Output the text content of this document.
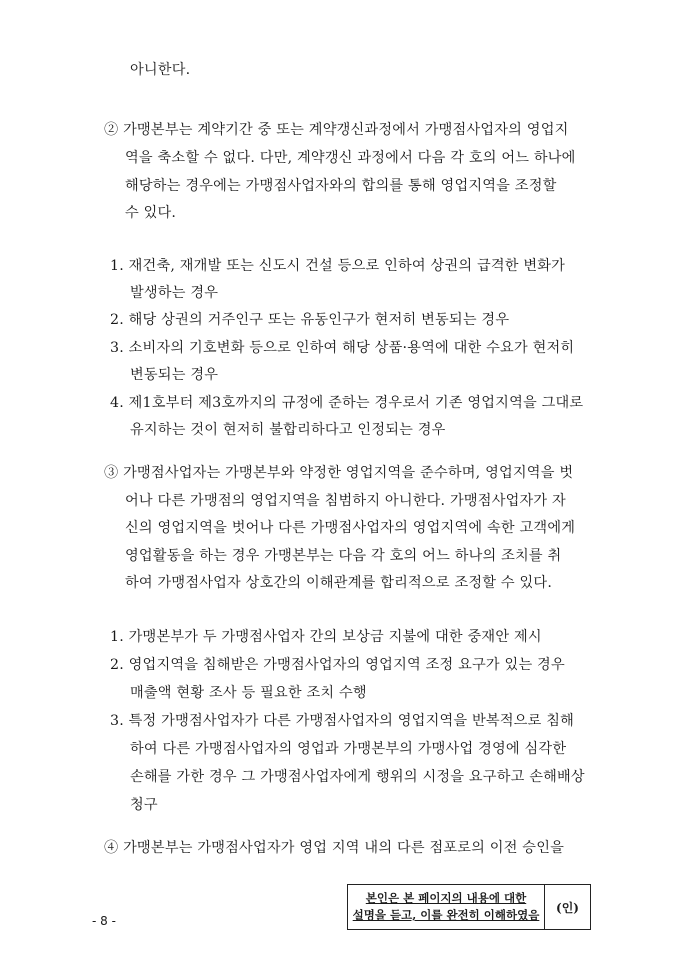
아니한다.
② 가맹본부는 계약기간 중 또는 계약갱신과정에서 가맹점사업자의 영업지
역을 축소할 수 없다. 다만, 계약갱신 과정에서 다음 각 호의 어느 하나에
해당하는 경우에는 가맹점사업자와의 합의를 통해 영업지역을 조정할
수 있다.
1. 재건축, 재개발 또는 신도시 건설 등으로 인하여 상권의 급격한 변화가
발생하는 경우
2. 해당 상권의 거주인구 또는 유동인구가 현저히 변동되는 경우
3. 소비자의 기호변화 등으로 인하여 해당 상품·용역에 대한 수요가 현저히
변동되는 경우
4. 제1호부터 제3호까지의 규정에 준하는 경우로서 기존 영업지역을 그대로
유지하는 것이 현저히 불합리하다고 인정되는 경우
③ 가맹점사업자는 가맹본부와 약정한 영업지역을 준수하며, 영업지역을 벗
어나 다른 가맹점의 영업지역을 침범하지 아니한다. 가맹점사업자가 자
신의 영업지역을 벗어나 다른 가맹점사업자의 영업지역에 속한 고객에게
영업활동을 하는 경우 가맹본부는 다음 각 호의 어느 하나의 조치를 취
하여 가맹점사업자 상호간의 이해관계를 합리적으로 조정할 수 있다.
1. 가맹본부가 두 가맹점사업자 간의 보상금 지불에 대한 중재안 제시
2. 영업지역을 침해받은 가맹점사업자의 영업지역 조정 요구가 있는 경우
매출액 현황 조사 등 필요한 조치 수행
3. 특정 가맹점사업자가 다른 가맹점사업자의 영업지역을 반복적으로 침해
하여 다른 가맹점사업자의 영업과 가맹본부의 가맹사업 경영에 심각한
손해를 가한 경우 그 가맹점사업자에게 행위의 시정을 요구하고 손해배상
청구
④ 가맹본부는 가맹점사업자가 영업 지역 내의 다른 점포로의 이전 승인을
- 8 -
본인은 본 페이지의 내용에 대한
설명을 듣고, 이를 완전히 이해하였음
(인)
